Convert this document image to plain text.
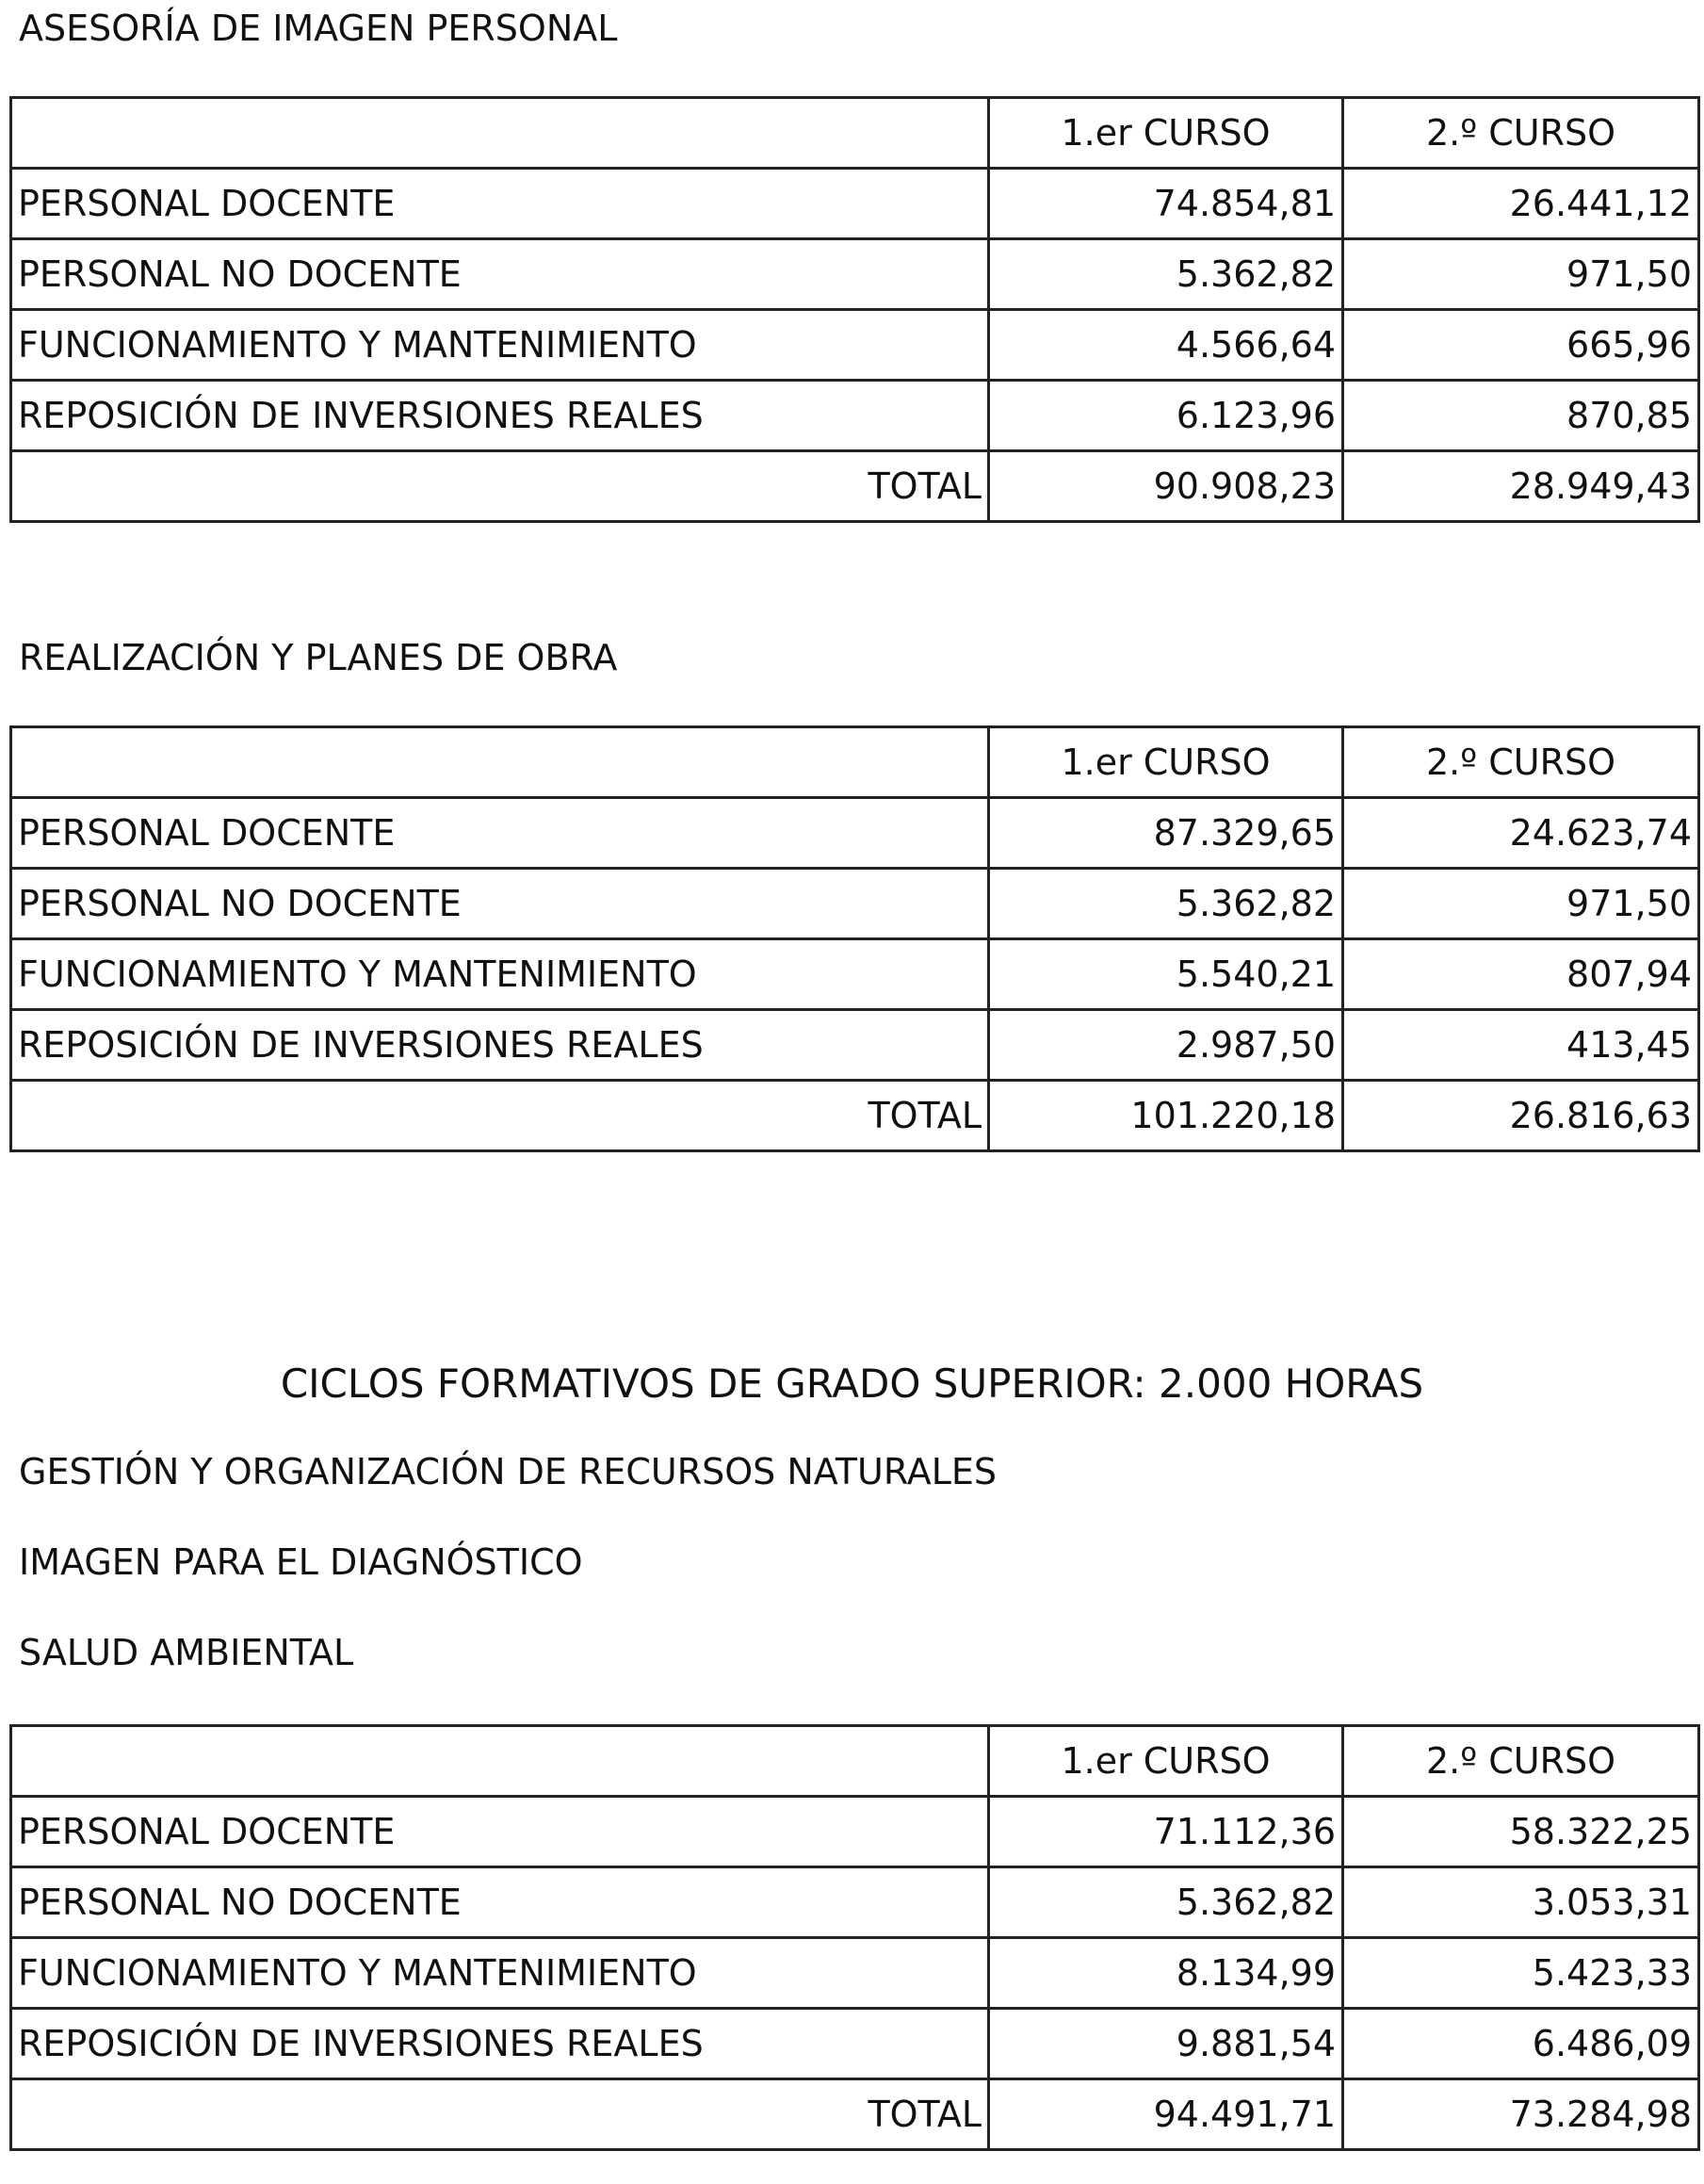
ASESORÍA DE IMAGEN PERSONAL
	1.er CURSO	2.º CURSO
PERSONAL DOCENTE	74.854,81	26.441,12
PERSONAL NO DOCENTE	5.362,82	971,50
FUNCIONAMIENTO Y MANTENIMIENTO	4.566,64	665,96
REPOSICIÓN DE INVERSIONES REALES	6.123,96	870,85
TOTAL	90.908,23	28.949,43
REALIZACIÓN Y PLANES DE OBRA
	1.er CURSO	2.º CURSO
PERSONAL DOCENTE	87.329,65	24.623,74
PERSONAL NO DOCENTE	5.362,82	971,50
FUNCIONAMIENTO Y MANTENIMIENTO	5.540,21	807,94
REPOSICIÓN DE INVERSIONES REALES	2.987,50	413,45
TOTAL	101.220,18	26.816,63
CICLOS FORMATIVOS DE GRADO SUPERIOR: 2.000 HORAS

GESTIÓN Y ORGANIZACIÓN DE RECURSOS NATURALES

IMAGEN PARA EL DIAGNÓSTICO

SALUD AMBIENTAL

	1.er CURSO	2.º CURSO
PERSONAL DOCENTE	71.112,36	58.322,25
PERSONAL NO DOCENTE	5.362,82	3.053,31
FUNCIONAMIENTO Y MANTENIMIENTO	8.134,99	5.423,33
REPOSICIÓN DE INVERSIONES REALES	9.881,54	6.486,09
TOTAL	94.491,71	73.284,98
